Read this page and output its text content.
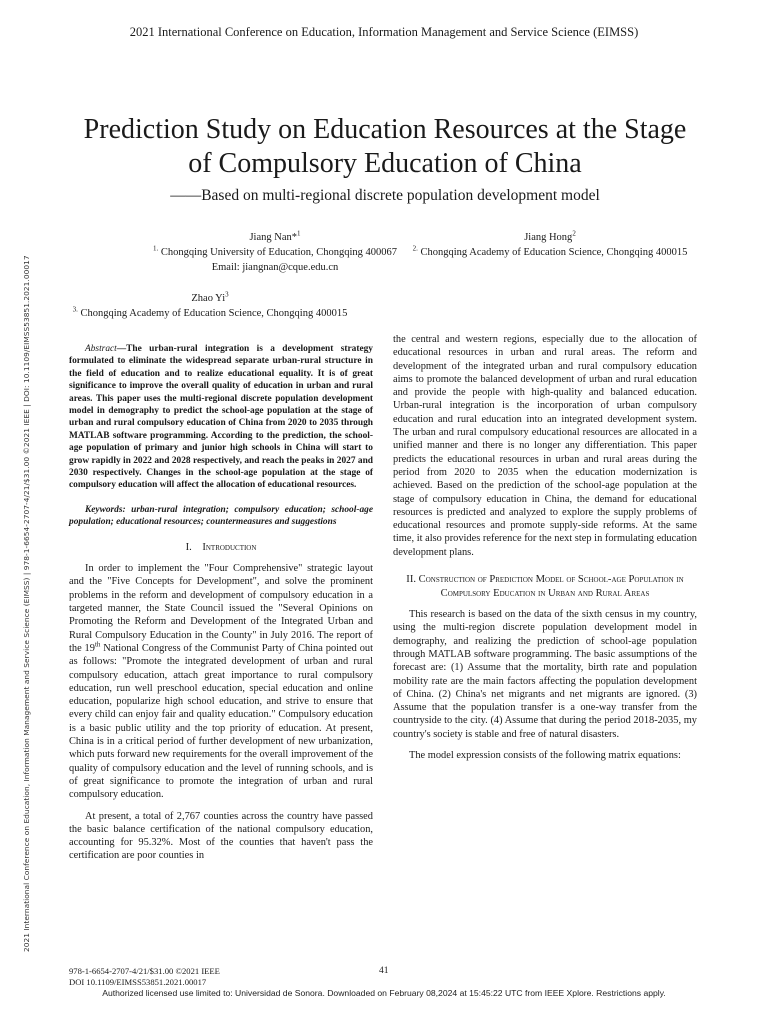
2021 International Conference on Education, Information Management and Service Science (EIMSS)
2021 International Conference on Education, Information Management and Service Science (EIMSS) | 978-1-6654-2707-4/21/$31.00 ©2021 IEEE | DOI: 10.1109/EIMSS53851.2021.00017
Prediction Study on Education Resources at the Stage
of Compulsory Education of China
——Based on multi-regional discrete population development model
Jiang Nan*$^1$
$^{1.}$ Chongqing University of Education, Chongqing 400067
Email: jiangnan@cque.edu.cn
Jiang Hong$^2$
$^{2.}$ Chongqing Academy of Education Science, Chongqing 400015
Zhao Yi$^3$
$^{3.}$ Chongqing Academy of Education Science, Chongqing 400015

Abstract—The urban-rural integration is a development strategy formulated to eliminate the widespread separate urban-rural structure in the field of education and to realize educational equality. It is of great significance to improve the overall quality of education in urban and rural areas. This paper uses the multi-regional discrete population development model in demography to predict the school-age population at the stage of urban and rural compulsory education of China from 2020 to 2035 through MATLAB software programming. According to the prediction, the school-age population of primary and junior high schools in China will start to grow rapidly in 2022 and 2028 respectively, and reach the peaks in 2027 and 2030 respectively. Changes in the school-age population at the stage of compulsory education will affect the allocation of educational resources.

Keywords: urban-rural integration; compulsory education; school-age population; educational resources; countermeasures and suggestions

I.    Introduction

In order to implement the "Four Comprehensive" strategic layout and the "Five Concepts for Development", and solve the prominent problems in the reform and development of compulsory education in a targeted manner, the State Council issued the "Several Opinions on Promoting the Reform and Development of the Integrated Urban and Rural Compulsory Education in the County" in July 2016. The report of the 19th National Congress of the Communist Party of China pointed out as follows: "Promote the integrated development of urban and rural compulsory education, attach great importance to rural compulsory education, run well preschool education, special education and online education, popularize high school education, and strive to ensure that every child can enjoy fair and quality education." Compulsory education is a basic public utility and the top priority of education. At present, China is in a critical period of further development of new urbanization, which puts forward new requirements for the overall improvement of the quality of compulsory education and the level of running schools, and is of great significance to promote the integration of urban and rural compulsory education.

At present, a total of 2,767 counties across the country have passed the basic balance certification of the national compulsory education, accounting for 95.32%. Most of the counties that haven't pass the certification are poor counties in

the central and western regions, especially due to the allocation of educational resources in urban and rural areas. The reform and development of the integrated urban and rural compulsory education aims to promote the balanced development of urban and rural education and provide the people with high-quality and balanced education. Urban-rural integration is the incorporation of urban compulsory education and rural education into an integrated development system. The urban and rural compulsory educational resources are allocated in a unified manner and there is no longer any differentiation. This paper predicts the educational resources in urban and rural areas during the period from 2020 to 2035 when the education modernization is achieved. Based on the prediction of the school-age population at the stage of compulsory education in China, the demand for educational resources is predicted and analyzed to explore the supply problems of educational resources and promote supply-side reforms. At the same time, it also provides reference for the next step in formulating education development plans.

II. Construction of Prediction Model of School-age Population in Compulsory Education in Urban and Rural Areas

This research is based on the data of the sixth census in my country, using the multi-region discrete population development model in demography, and realizing the prediction of school-age population through MATLAB software programming. The basic assumptions of the forecast are: (1) Assume that the mortality, birth rate and population mobility rate are the main factors affecting the population development of China. (2) China's net migrants and net migrants are ignored. (3) Assume that the population transfer is a one-way transfer from the countryside to the city. (4) Assume that during the period 2018-2035, my country's society is stable and free of natural disasters.

The model expression consists of the following matrix equations:

978-1-6654-2707-4/21/$31.00 ©2021 IEEE
DOI 10.1109/EIMSS53851.2021.00017
41
Authorized licensed use limited to: Universidad de Sonora. Downloaded on February 08,2024 at 15:45:22 UTC from IEEE Xplore. Restrictions apply.
